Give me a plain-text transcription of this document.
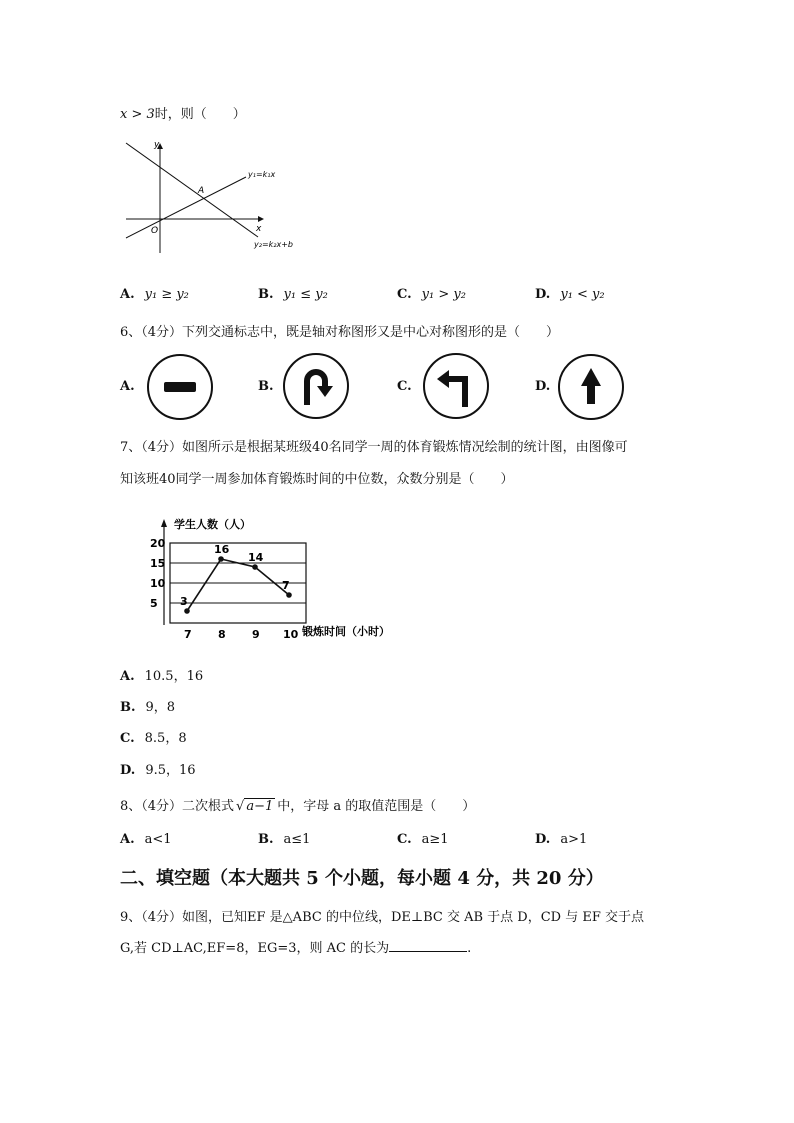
x > 3时，则（　　）
y
x
O
A
y₁=k₁x
y₂=k₂x+b
A. y₁ ≥ y₂	B. y₁ ≤ y₂	C. y₁ > y₂	D. y₁ < y₂
6、（4分）下列交通标志中，既是轴对称图形又是中心对称图形的是（　　）
A.	B.	C.	D.
7、（4分）如图所示是根据某班级40名同学一周的体育锻炼情况绘制的统计图，由图像可
知该班40同学一周参加体育锻炼时间的中位数，众数分别是（　　）
学生人数（人）
锻炼时间（小时）
5
10
15
20
7 8 9 10
3
16
14
7
A. 10.5，16
B. 9，8
C. 8.5，8
D. 9.5，16
8、（4分）二次根式 √ a−1 中，字母 a 的取值范围是（　　）
A. a<1	B. a≤1	C. a≥1	D. a>1
二、填空题（本大题共 5 个小题，每小题 4 分，共 20 分）
9、（4分）如图，已知EF 是△ABC 的中位线，DE⊥BC 交 AB 于点 D，CD 与 EF 交于点
G,若 CD⊥AC,EF=8，EG=3，则 AC 的长为	.
